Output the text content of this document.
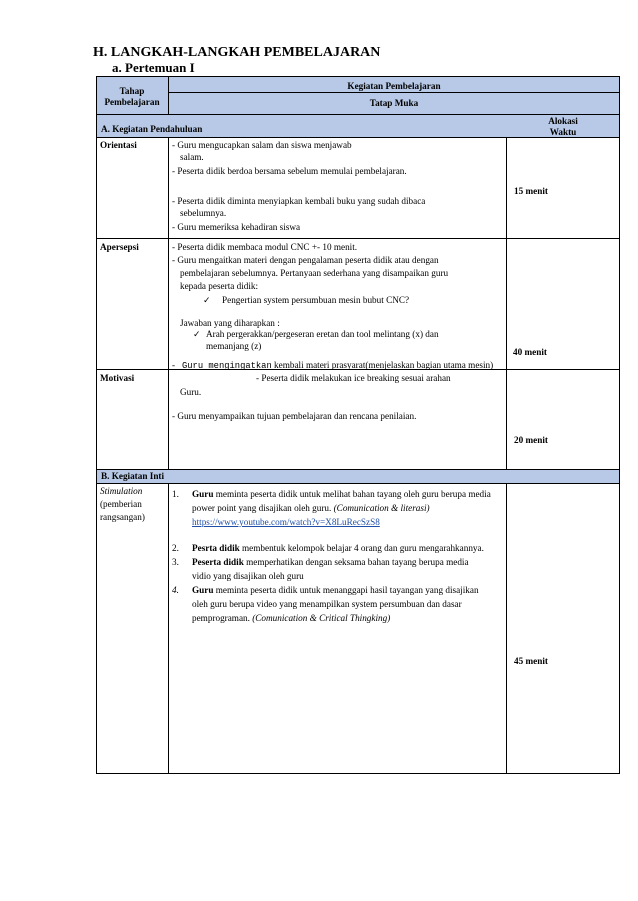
H. LANGKAH-LANGKAH PEMBELAJARAN
a. Pertemuan I
Tahap
Pembelajaran
Kegiatan Pembelajaran
Tatap Muka
A. Kegiatan Pendahuluan
Alokasi
Waktu
Orientasi	- Guru mengucapkan salam dan siswa menjawab
salam.
- Peserta didik berdoa bersama sebelum memulai pembelajaran.
- Peserta didik diminta menyiapkan kembali buku yang sudah dibaca
sebelumnya.
- Guru memeriksa kehadiran siswa
15 menit
Apersepsi	- Peserta didik membaca modul CNC +- 10 menit.
- Guru mengaitkan materi dengan pengalaman peserta didik atau dengan
pembelajaran sebelumnya. Pertanyaan sederhana yang disampaikan guru
kepada peserta didik:
✓ Pengertian system persumbuan mesin bubut CNC?
Jawaban yang diharapkan :
✓ Arah pergerakkan/pergeseran eretan dan tool melintang (x) dan
memanjang (z)
- Guru mengingatkan kembali materi prasyarat(menjelaskan bagian utama mesin)
40 menit
Motivasi	- Peserta didik melakukan ice breaking sesuai arahan
Guru.
- Guru menyampaikan tujuan pembelajaran dan rencana penilaian.
20 menit
B. Kegiatan Inti
Stimulation
(pemberian
rangsangan)
1. Guru meminta peserta didik untuk melihat bahan tayang oleh guru berupa media
power point yang disajikan oleh guru. (Comunication & literasi)
https://www.youtube.com/watch?v=X8LuRecSzS8
2. Pesrta didik membentuk kelompok belajar 4 orang dan guru mengarahkannya.
3. Peserta didik memperhatikan dengan seksama bahan tayang berupa media
vidio yang disajikan oleh guru
4. Guru meminta peserta didik untuk menanggapi hasil tayangan yang disajikan
oleh guru berupa video yang menampilkan system persumbuan dan dasar
pemprograman. (Comunication & Critical Thingking)
45 menit
